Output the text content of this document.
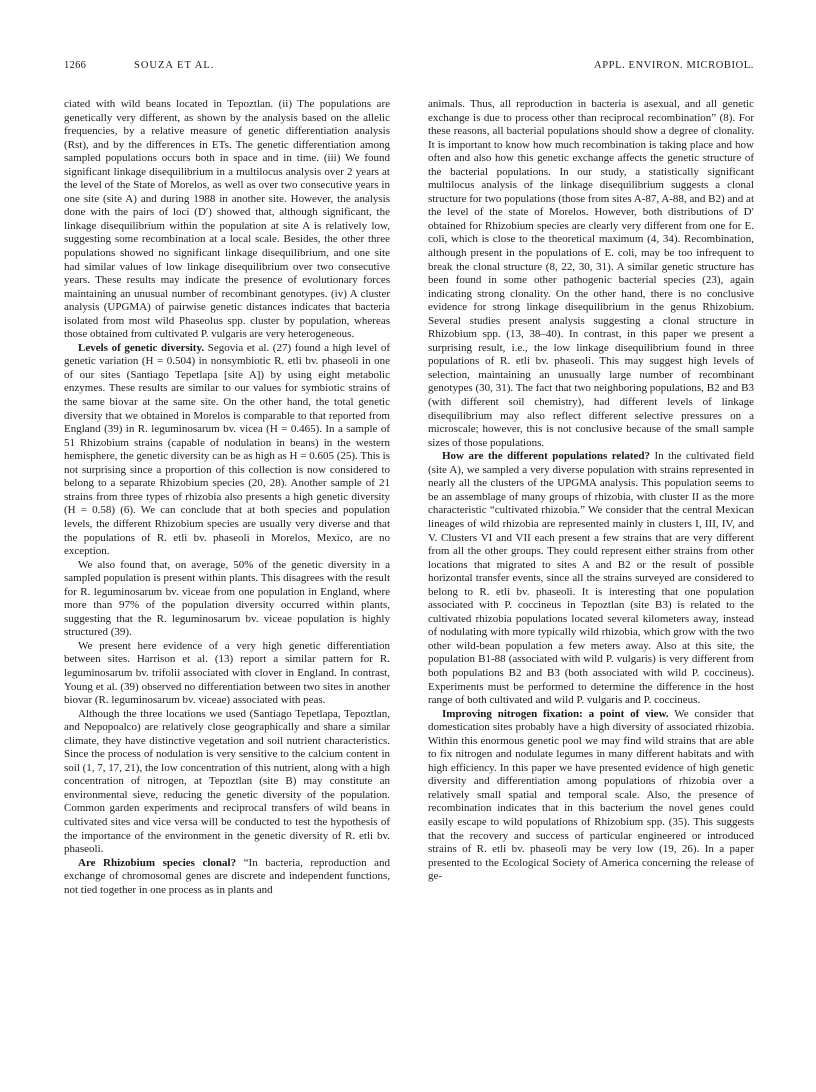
1266	SOUZA ET AL.	APPL. ENVIRON. MICROBIOL.

ciated with wild beans located in Tepoztlan. (ii) The populations are genetically very different, as shown by the analysis based on the allelic frequencies, by a relative measure of genetic differentiation analysis (Rst), and by the differences in ETs. The genetic differentiation among sampled populations occurs both in space and in time. (iii) We found significant linkage disequilibrium in a multilocus analysis over 2 years at the level of the State of Morelos, as well as over two consecutive years in one site (site A) and during 1988 in another site. However, the analysis done with the pairs of loci (D′) showed that, although significant, the linkage disequilibrium within the population at site A is relatively low, suggesting some recombination at a local scale. Besides, the other three populations showed no significant linkage disequilibrium, and one site had similar values of low linkage disequilibrium over two consecutive years. These results may indicate the presence of evolutionary forces maintaining an unusual number of recombinant genotypes. (iv) A cluster analysis (UPGMA) of pairwise genetic distances indicates that bacteria isolated from most wild Phaseolus spp. cluster by population, whereas those obtained from cultivated P. vulgaris are very heterogeneous.

Levels of genetic diversity. Segovia et al. (27) found a high level of genetic variation (H = 0.504) in nonsymbiotic R. etli bv. phaseoli in one of our sites (Santiago Tepetlapa [site A]) by using eight metabolic enzymes. These results are similar to our values for symbiotic strains of the same biovar at the same site. On the other hand, the total genetic diversity that we obtained in Morelos is comparable to that reported from England (39) in R. leguminosarum bv. vicea (H = 0.465). In a sample of 51 Rhizobium strains (capable of nodulation in beans) in the western hemisphere, the genetic diversity can be as high as H = 0.605 (25). This is not surprising since a proportion of this collection is now considered to belong to a separate Rhizobium species (20, 28). Another sample of 21 strains from three types of rhizobia also presents a high genetic diversity (H = 0.58) (6). We can conclude that at both species and population levels, the different Rhizobium species are usually very diverse and that the populations of R. etli bv. phaseoli in Morelos, Mexico, are no exception.

We also found that, on average, 50% of the genetic diversity in a sampled population is present within plants. This disagrees with the result for R. leguminosarum bv. viceae from one population in England, where more than 97% of the population diversity occurred within plants, suggesting that the R. leguminosarum bv. viceae population is highly structured (39).

We present here evidence of a very high genetic differentiation between sites. Harrison et al. (13) report a similar pattern for R. leguminosarum bv. trifolii associated with clover in England. In contrast, Young et al. (39) observed no differentiation between two sites in another biovar (R. leguminosarum bv. viceae) associated with peas.

Although the three locations we used (Santiago Tepetlapa, Tepoztlan, and Nepopoalco) are relatively close geographically and share a similar climate, they have distinctive vegetation and soil nutrient characteristics. Since the process of nodulation is very sensitive to the calcium content in soil (1, 7, 17, 21), the low concentration of this nutrient, along with a high concentration of nitrogen, at Tepoztlan (site B) may constitute an environmental sieve, reducing the genetic diversity of the population. Common garden experiments and reciprocal transfers of wild beans in cultivated sites and vice versa will be conducted to test the hypothesis of the importance of the environment in the genetic diversity of R. etli bv. phaseoli.

Are Rhizobium species clonal? “In bacteria, reproduction and exchange of chromosomal genes are discrete and independent functions, not tied together in one process as in plants and

animals. Thus, all reproduction in bacteria is asexual, and all genetic exchange is due to process other than reciprocal recombination” (8). For these reasons, all bacterial populations should show a degree of clonality. It is important to know how much recombination is taking place and how often and also how this genetic exchange affects the genetic structure of the bacterial populations. In our study, a statistically significant multilocus analysis of the linkage disequilibrium suggests a clonal structure for two populations (those from sites A-87, A-88, and B2) and at the level of the state of Morelos. However, both distributions of D′ obtained for Rhizobium species are clearly very different from one for E. coli, which is close to the theoretical maximum (4, 34). Recombination, although present in the populations of E. coli, may be too infrequent to break the clonal structure (8, 22, 30, 31). A similar genetic structure has been found in some other pathogenic bacterial species (23), again indicating strong clonality. On the other hand, there is no conclusive evidence for strong linkage disequilibrium in the genus Rhizobium. Several studies present analysis suggesting a clonal structure in Rhizobium spp. (13, 38–40). In contrast, in this paper we present a surprising result, i.e., the low linkage disequilibrium found in three populations of R. etli bv. phaseoli. This may suggest high levels of selection, maintaining an unusually large number of recombinant genotypes (30, 31). The fact that two neighboring populations, B2 and B3 (with different soil chemistry), had different levels of linkage disequilibrium may also reflect different selective pressures on a microscale; however, this is not conclusive because of the small sample sizes of those populations.

How are the different populations related? In the cultivated field (site A), we sampled a very diverse population with strains represented in nearly all the clusters of the UPGMA analysis. This population seems to be an assemblage of many groups of rhizobia, with cluster II as the more characteristic “cultivated rhizobia.” We consider that the central Mexican lineages of wild rhizobia are represented mainly in clusters I, III, IV, and V. Clusters VI and VII each present a few strains that are very different from all the other groups. They could represent either strains from other locations that migrated to sites A and B2 or the result of possible horizontal transfer events, since all the strains surveyed are considered to belong to R. etli bv. phaseoli. It is interesting that one population associated with P. coccineus in Tepoztlan (site B3) is related to the cultivated rhizobia populations located several kilometers away, instead of nodulating with more typically wild rhizobia, which grow with the two other wild-bean population a few meters away. Also at this site, the population B1-88 (associated with wild P. vulgaris) is very different from both populations B2 and B3 (both associated with wild P. coccineus). Experiments must be performed to determine the difference in the host range of both cultivated and wild P. vulgaris and P. coccineus.

Improving nitrogen fixation: a point of view. We consider that domestication sites probably have a high diversity of associated rhizobia. Within this enormous genetic pool we may find wild strains that are able to fix nitrogen and nodulate legumes in many different habitats and with high efficiency. In this paper we have presented evidence of high genetic diversity and differentiation among populations of rhizobia over a relatively small spatial and temporal scale. Also, the presence of recombination indicates that in this bacterium the novel genes could easily escape to wild populations of Rhizobium spp. (35). This suggests that the recovery and success of particular engineered or introduced strains of R. etli bv. phaseoli may be very low (19, 26). In a paper presented to the Ecological Society of America concerning the release of ge-
